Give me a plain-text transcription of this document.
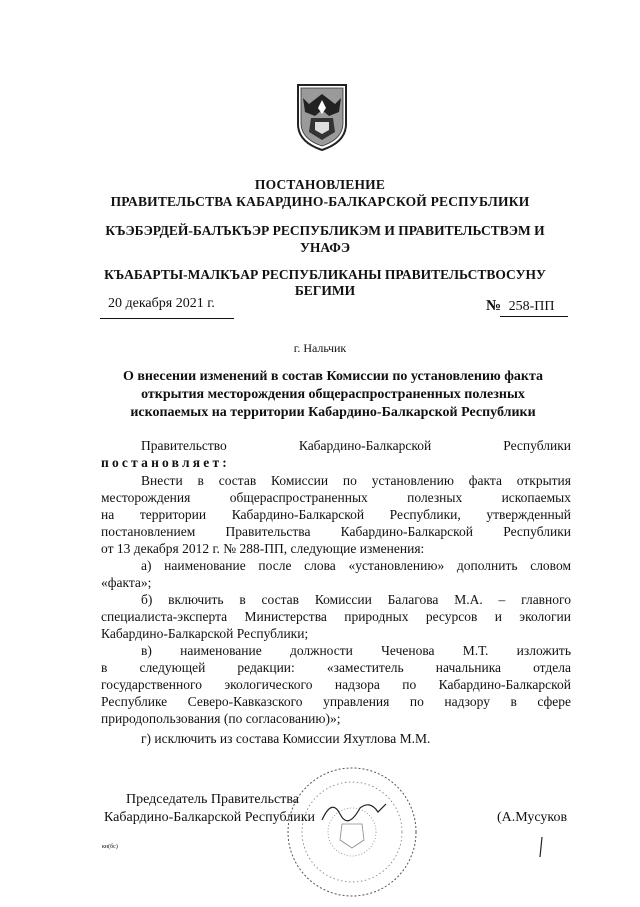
ПОСТАНОВЛЕНИЕ
ПРАВИТЕЛЬСТВА КАБАРДИНО-БАЛКАРСКОЙ РЕСПУБЛИКИ
КЪЭБЭРДЕЙ-БАЛЪКЪЭР РЕСПУБЛИКЭМ И ПРАВИТЕЛЬСТВЭМ И
УНАФЭ
КЪАБАРТЫ-МАЛКЪАР РЕСПУБЛИКАНЫ ПРАВИТЕЛЬСТВОСУНУ
БЕГИМИ
20 декабря 2021 г.	№ 258-ПП
г. Нальчик
О внесении изменений в состав Комиссии по установлению факта
открытия месторождения общераспространенных полезных
ископаемых на территории Кабардино-Балкарской Республики
Правительство Кабардино-Балкарской Республики
постановляет:
Внести в состав Комиссии по установлению факта открытия
месторождения общераспространенных полезных ископаемых
на территории Кабардино-Балкарской Республики, утвержденный
постановлением Правительства Кабардино-Балкарской Республики
от 13 декабря 2012 г. № 288-ПП, следующие изменения:
а) наименование после слова «установлению» дополнить словом
«факта»;
б) включить в состав Комиссии Балагова М.А. – главного
специалиста-эксперта Министерства природных ресурсов и экологии
Кабардино-Балкарской Республики;
в) наименование должности Чеченова М.Т. изложить
в следующей редакции: «заместитель начальника отдела
государственного экологического надзора по Кабардино-Балкарской
Республике Северо-Кавказского управления по надзору в сфере
природопользования (по согласованию)»;
г) исключить из состава Комиссии Яхутлова М.М.
Председатель Правительства
Кабардино-Балкарской Республики	(А.Мусуков
кн(бс)
